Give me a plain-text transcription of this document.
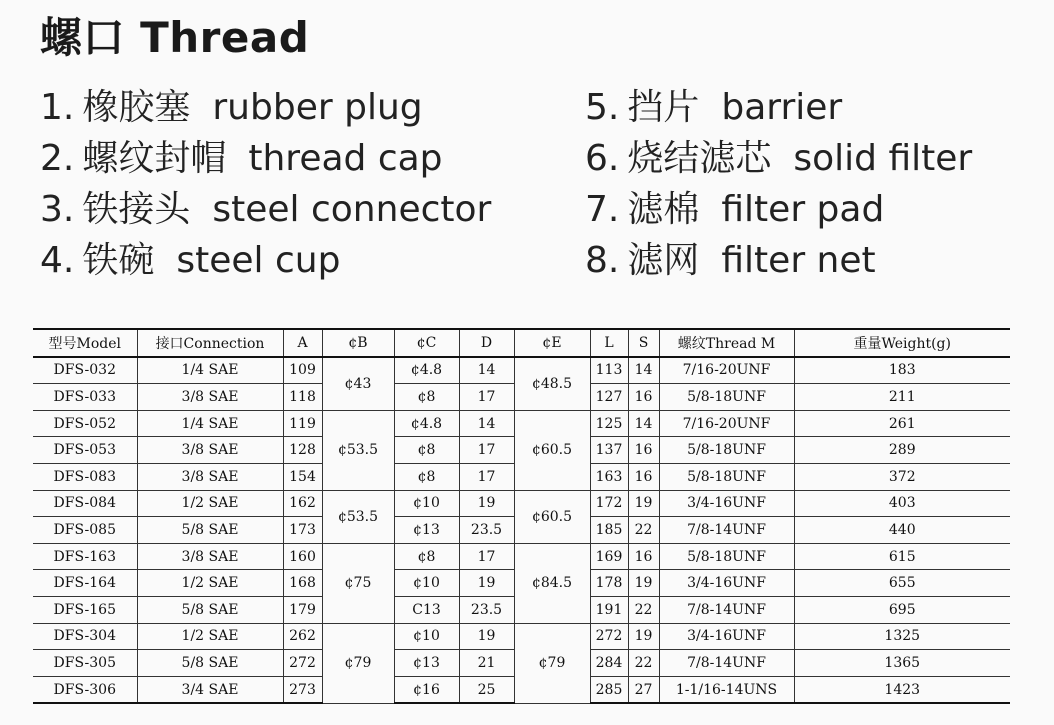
螺口 Thread
1. 橡胶塞 rubber plug
2. 螺纹封帽 thread cap
3. 铁接头 steel connector
4. 铁碗 steel cup
5. 挡片 barrier
6. 烧结滤芯 solid filter
7. 滤棉 filter pad
8. 滤网 filter net
型号Model	接口Connection	A	¢B	¢C	D	¢E	L	S	螺纹Thread M	重量Weight(g)
DFS-032	1/4 SAE	109	¢43	¢4.8	14	¢48.5	113	14	7/16-20UNF	183
DFS-033	3/8 SAE	118		¢8	17		127	16	5/8-18UNF	211
DFS-052	1/4 SAE	119	¢53.5	¢4.8	14	¢60.5	125	14	7/16-20UNF	261
DFS-053	3/8 SAE	128		¢8	17		137	16	5/8-18UNF	289
DFS-083	3/8 SAE	154		¢8	17		163	16	5/8-18UNF	372
DFS-084	1/2 SAE	162	¢53.5	¢10	19	¢60.5	172	19	3/4-16UNF	403
DFS-085	5/8 SAE	173		¢13	23.5		185	22	7/8-14UNF	440
DFS-163	3/8 SAE	160	¢75	¢8	17	¢84.5	169	16	5/8-18UNF	615
DFS-164	1/2 SAE	168		¢10	19		178	19	3/4-16UNF	655
DFS-165	5/8 SAE	179		C13	23.5		191	22	7/8-14UNF	695
DFS-304	1/2 SAE	262	¢79	¢10	19	¢79	272	19	3/4-16UNF	1325
DFS-305	5/8 SAE	272		¢13	21		284	22	7/8-14UNF	1365
DFS-306	3/4 SAE	273		¢16	25		285	27	1-1/16-14UNS	1423
